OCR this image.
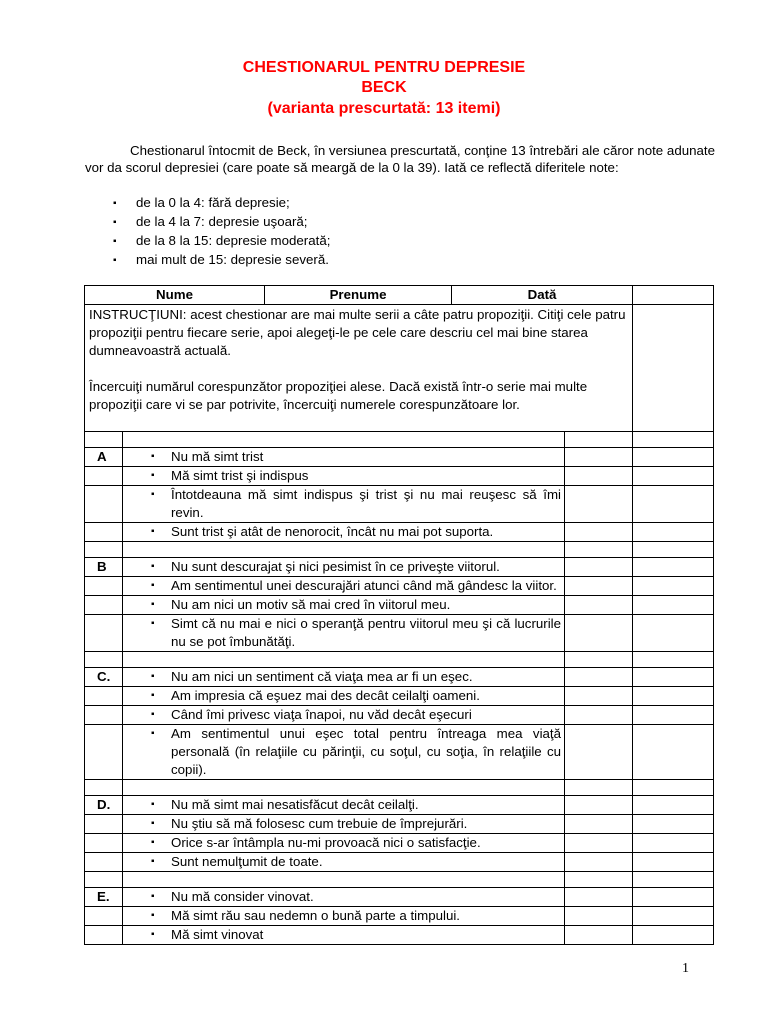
CHESTIONARUL PENTRU DEPRESIE
BECK
(varianta prescurtată: 13 itemi)
Chestionarul întocmit de Beck, în versiunea prescurtată, conţine 13 întrebări ale căror note adunate vor da scorul depresiei (care poate să meargă de la 0 la 39). Iată ce reflectă diferitele note:
▪ de la 0 la 4: fără depresie;
▪ de la 4 la 7: depresie uşoară;
▪ de la 8 la 15: depresie moderată;
▪ mai mult de 15: depresie severă.
Nume		Prenume	Dată		

INSTRUCŢIUNI: acest chestionar are mai multe serii a câte patru propoziţii. Citiţi cele patru propoziţii pentru fiecare serie, apoi alegeţi-le pe cele care descriu cel mai bine starea dumneavoastră actuală.
Încercuiţi numărul corespunzător propoziţiei alese. Dacă există într-o serie mai multe propoziţii care vi se par potrivite, încercuiţi numerele corespunzătoare lor.					

A	▪ Nu mă simt trist				

	▪ Mă simt trist şi indispus				

	▪ Întotdeauna mă simt indispus şi trist şi nu mai reuşesc să îmi revin.				

	▪ Sunt trist şi atât de nenorocit, încât nu mai pot suporta.				

B	▪ Nu sunt descurajat şi nici pesimist în ce priveşte viitorul.				

	▪ Am sentimentul unei descurajări atunci când mă gândesc la viitor.				

	▪ Nu am nici un motiv să mai cred în viitorul meu.				

	▪ Simt că nu mai e nici o speranţă pentru viitorul meu şi că lucrurile nu se pot îmbunătăţi.				

C.	▪ Nu am nici un sentiment că viaţa mea ar fi un eşec.				

	▪ Am impresia că eşuez mai des decât ceilalţi oameni.				

	▪ Când îmi privesc viaţa înapoi, nu văd decât eşecuri				

	▪ Am sentimentul unui eşec total pentru întreaga mea viaţă personală (în relaţiile cu părinţii, cu soţul, cu soţia, în relaţiile cu copii).				

D.	▪ Nu mă simt mai nesatisfăcut decât ceilalţi.				

	▪ Nu ştiu să mă folosesc cum trebuie de împrejurări.				

	▪ Orice s-ar întâmpla nu-mi provoacă nici o satisfacţie.				

	▪ Sunt nemulţumit de toate.				

E.	▪ Nu mă consider vinovat.				

	▪ Mă simt rău sau nedemn o bună parte a timpului.				

	▪ Mă simt vinovat				

1
